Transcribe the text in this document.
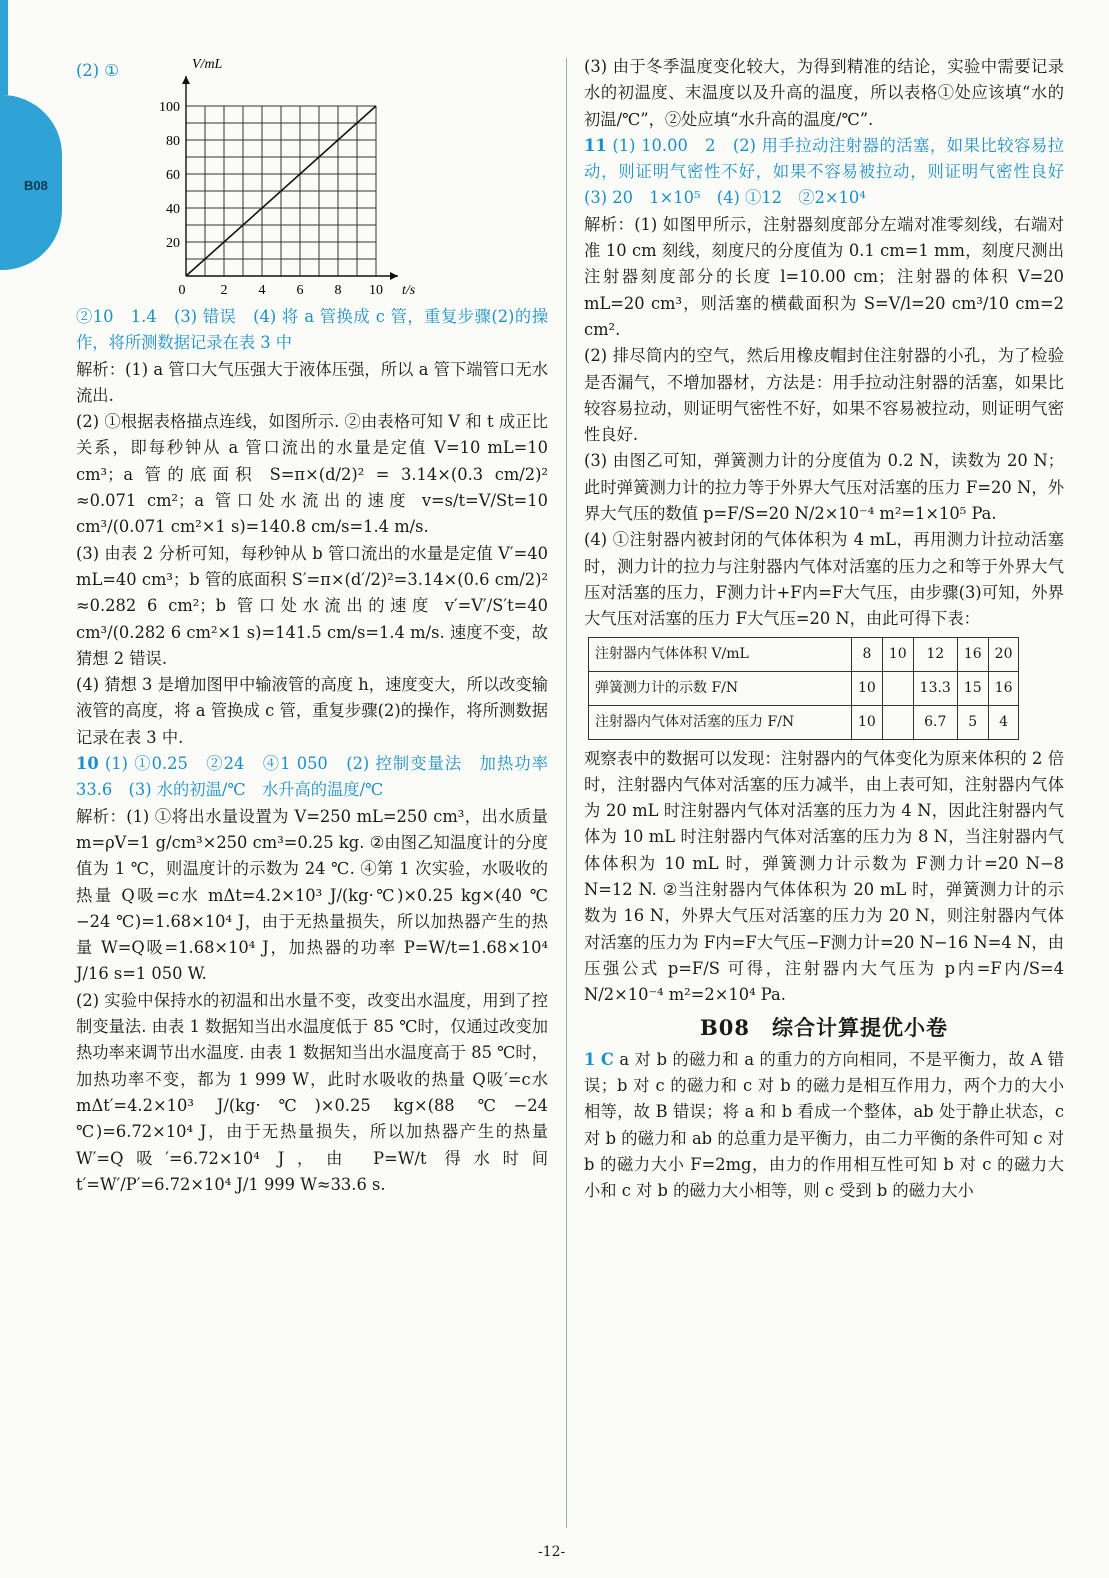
B08
(2) ①
0	2 4 6 8 10
20
40
60
80
100
t/s
V/mL

②10　1.4　(3) 错误　(4) 将 a 管换成 c 管，重复步骤(2)的操作，将所测数据记录在表 3 中

解析：(1) a 管口大气压强大于液体压强，所以 a 管下端管口无水流出.

(2) ①根据表格描点连线，如图所示. ②由表格可知 V 和 t 成正比关系，即每秒钟从 a 管口流出的水量是定值 V=10 mL=10 cm³；a 管的底面积 S=π×(d/2)² = 3.14×(0.3 cm/2)² ≈0.071 cm²；a 管口处水流出的速度 v=s/t=V/St=10 cm³/(0.071 cm²×1 s)=140.8 cm/s=1.4 m/s.

(3) 由表 2 分析可知，每秒钟从 b 管口流出的水量是定值 V′=40 mL=40 cm³；b 管的底面积 S′=π×(d′/2)²=3.14×(0.6 cm/2)² ≈0.282 6 cm²；b 管口处水流出的速度 v′=V′/S′t=40 cm³/(0.282 6 cm²×1 s)=141.5 cm/s=1.4 m/s. 速度不变，故猜想 2 错误.

(4) 猜想 3 是增加图甲中输液管的高度 h，速度变大，所以改变输液管的高度，将 a 管换成 c 管，重复步骤(2)的操作，将所测数据记录在表 3 中.

10 (1) ①0.25　②24　④1 050　(2) 控制变量法　加热功率　33.6　(3) 水的初温/℃　水升高的温度/℃

解析：(1) ①将出水量设置为 V=250 mL=250 cm³，出水质量 m=ρV=1 g/cm³×250 cm³=0.25 kg. ②由图乙知温度计的分度值为 1 ℃，则温度计的示数为 24 ℃. ④第 1 次实验，水吸收的热量 Q吸=c水 mΔt=4.2×10³ J/(kg·℃)×0.25 kg×(40 ℃−24 ℃)=1.68×10⁴ J，由于无热量损失，所以加热器产生的热量 W=Q吸=1.68×10⁴ J，加热器的功率 P=W/t=1.68×10⁴ J/16 s=1 050 W.

(2) 实验中保持水的初温和出水量不变，改变出水温度，用到了控制变量法. 由表 1 数据知当出水温度低于 85 ℃时，仅通过改变加热功率来调节出水温度. 由表 1 数据知当出水温度高于 85 ℃时，加热功率不变，都为 1 999 W，此时水吸收的热量 Q吸′=c水 mΔt′=4.2×10³ J/(kg·℃)×0.25 kg×(88 ℃−24 ℃)=6.72×10⁴ J，由于无热量损失，所以加热器产生的热量 W′=Q吸′=6.72×10⁴ J，由 P=W/t 得水时间 t′=W′/P′=6.72×10⁴ J/1 999 W≈33.6 s.

(3) 由于冬季温度变化较大，为得到精准的结论，实验中需要记录水的初温度、末温度以及升高的温度，所以表格①处应该填“水的初温/℃”，②处应填“水升高的温度/℃”.

11 (1) 10.00　2　(2) 用手拉动注射器的活塞，如果比较容易拉动，则证明气密性不好，如果不容易被拉动，则证明气密性良好　(3) 20　1×10⁵　(4) ①12　②2×10⁴

解析：(1) 如图甲所示，注射器刻度部分左端对准零刻线，右端对准 10 cm 刻线，刻度尺的分度值为 0.1 cm=1 mm，刻度尺测出注射器刻度部分的长度 l=10.00 cm；注射器的体积 V=20 mL=20 cm³，则活塞的横截面积为 S=V/l=20 cm³/10 cm=2 cm².

(2) 排尽筒内的空气，然后用橡皮帽封住注射器的小孔，为了检验是否漏气，不增加器材，方法是：用手拉动注射器的活塞，如果比较容易拉动，则证明气密性不好，如果不容易被拉动，则证明气密性良好.

(3) 由图乙可知，弹簧测力计的分度值为 0.2 N，读数为 20 N；此时弹簧测力计的拉力等于外界大气压对活塞的压力 F=20 N，外界大气压的数值 p=F/S=20 N/2×10⁻⁴ m²=1×10⁵ Pa.

(4) ①注射器内被封闭的气体体积为 4 mL，再用测力计拉动活塞时，测力计的拉力与注射器内气体对活塞的压力之和等于外界大气压对活塞的压力，F测力计+F内=F大气压，由步骤(3)可知，外界大气压对活塞的压力 F大气压=20 N，由此可得下表：

注射器内气体体积 V/mL	8	10	12	16	20
弹簧测力计的示数 F/N	10		13.3	15	16
注射器内气体对活塞的压力 F/N	10		6.7	5	4

观察表中的数据可以发现：注射器内的气体变化为原来体积的 2 倍时，注射器内气体对活塞的压力减半，由上表可知，注射器内气体为 20 mL 时注射器内气体对活塞的压力为 4 N，因此注射器内气体为 10 mL 时注射器内气体对活塞的压力为 8 N，当注射器内气体体积为 10 mL 时，弹簧测力计示数为 F测力计=20 N−8 N=12 N. ②当注射器内气体体积为 20 mL 时，弹簧测力计的示数为 16 N，外界大气压对活塞的压力为 20 N，则注射器内气体对活塞的压力为 F内=F大气压−F测力计=20 N−16 N=4 N，由压强公式 p=F/S 可得，注射器内大气压为 p内=F内/S=4 N/2×10⁻⁴ m²=2×10⁴ Pa.

B08　综合计算提优小卷

1 C a 对 b 的磁力和 a 的重力的方向相同，不是平衡力，故 A 错误；b 对 c 的磁力和 c 对 b 的磁力是相互作用力，两个力的大小相等，故 B 错误；将 a 和 b 看成一个整体，ab 处于静止状态，c 对 b 的磁力和 ab 的总重力是平衡力，由二力平衡的条件可知 c 对 b 的磁力大小 F=2mg，由力的作用相互性可知 b 对 c 的磁力大小和 c 对 b 的磁力大小相等，则 c 受到 b 的磁力大小

-12-
